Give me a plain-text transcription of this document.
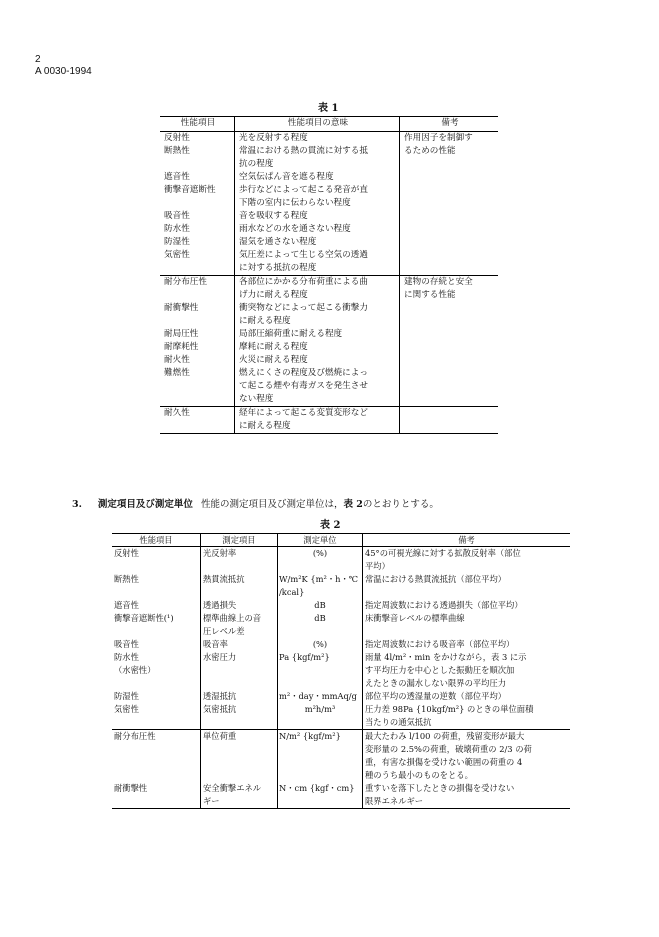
2
A 0030-1994
表 1
性能項目	性能項目の意味	備考
反射性	光を反射する程度	作用因子を制御す
断熱性	常温における熱の貫流に対する抵	るための性能
	抗の程度	
遮音性	空気伝ぱん音を遮る程度	
衝撃音遮断性	歩行などによって起こる発音が直	
	下階の室内に伝わらない程度	
吸音性	音を吸収する程度	
防水性	雨水などの水を通さない程度	
防湿性	湿気を通さない程度	
気密性	気圧差によって生じる空気の透過	
	に対する抵抗の程度	
耐分布圧性	各部位にかかる分布荷重による曲	建物の存続と安全
	げ力に耐える程度	に関する性能
耐衝撃性	衝突物などによって起こる衝撃力	
	に耐える程度	
耐局圧性	局部圧縮荷重に耐える程度	
耐摩耗性	摩耗に耐える程度	
耐火性	火災に耐える程度	
難燃性	燃えにくさの程度及び燃焼によっ	
	て起こる煙や有毒ガスを発生させ	
	ない程度	
耐久性	経年によって起こる変質変形など	
	に耐える程度	
3. 測定項目及び測定単位 性能の測定項目及び測定単位は，表 2のとおりとする。
表 2
性能項目	測定項目	測定単位	備考
反射性	光反射率	(%)	45°の可視光線に対する拡散反射率（部位
			平均）
断熱性	熱貫流抵抗	W/m²K {m²・h・℃	常温における熱貫流抵抗（部位平均）
		/kcal}	
遮音性	透過損失	dB	指定周波数における透過損失（部位平均）
衝撃音遮断性(¹)	標準曲線上の音	dB	床衝撃音レベルの標準曲線
	圧レベル差		
吸音性	吸音率	(%)	指定周波数における吸音率（部位平均）
防水性	水密圧力	Pa {kgf/m²}	雨量 4l/m²・min をかけながら，表 3 に示
（水密性）			す平均圧力を中心とした振動圧を順次加
			えたときの漏水しない限界の平均圧力
防湿性	透湿抵抗	m²・day・mmAq/g	部位平均の透湿量の逆数（部位平均）
気密性	気密抵抗	m²h/m³	圧力差 98Pa {10kgf/m²} のときの単位面積
			当たりの通気抵抗
耐分布圧性	単位荷重	N/m² {kgf/m²}	最大たわみ l/100 の荷重，残留変形が最大
			変形量の 2.5%の荷重，破壊荷重の 2/3 の荷
			重，有害な損傷を受けない範囲の荷重の 4
			種のうち最小のものをとる。
耐衝撃性	安全衝撃エネル	N・cm {kgf・cm}	重すいを落下したときの損傷を受けない
	ギー		限界エネルギー
